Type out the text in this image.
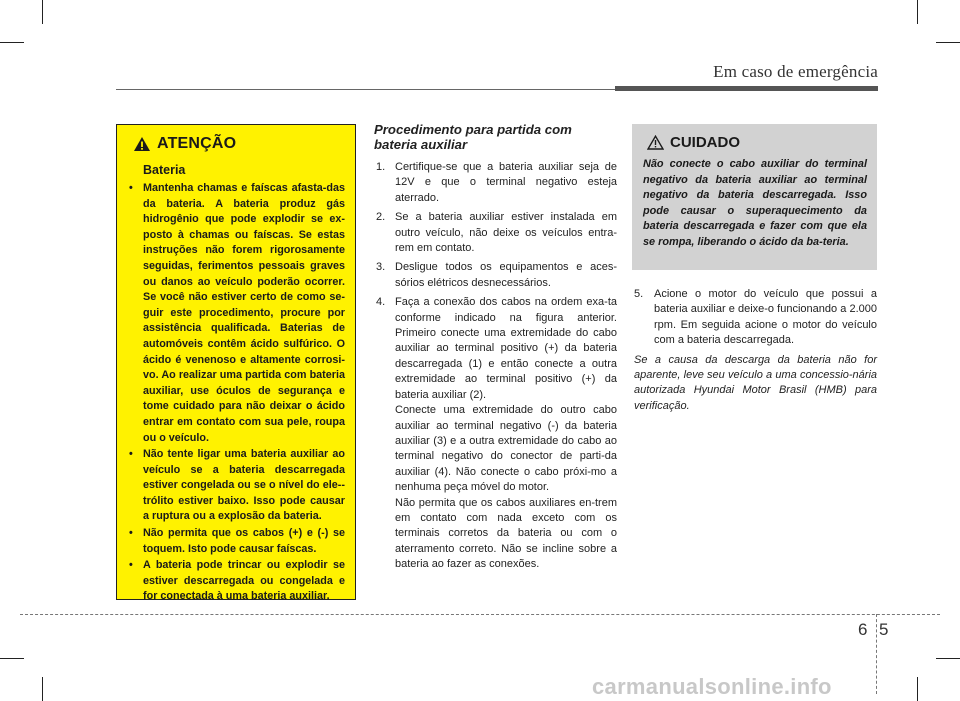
Em caso de emergência
ATENÇÃO
Bateria
• Mantenha chamas e faíscas afasta-das da bateria. A bateria produz gás hidrogênio que pode explodir se ex-posto à chamas ou faíscas. Se estas instruções não forem rigorosamente seguidas, ferimentos pessoais graves ou danos ao veículo poderão ocorrer. Se você não estiver certo de como se-guir este procedimento, procure por assistência qualificada. Baterias de automóveis contêm ácido sulfúrico. O ácido é venenoso e altamente corrosi-vo. Ao realizar uma partida com bateria auxiliar, use óculos de segurança e tome cuidado para não deixar o ácido entrar em contato com sua pele, roupa ou o veículo.
• Não tente ligar uma bateria auxiliar ao veículo se a bateria descarregada estiver congelada ou se o nível do ele--trólito estiver baixo. Isso pode causar a ruptura ou a explosão da bateria.
• Não permita que os cabos (+) e (-) se toquem. Isto pode causar faíscas.
• A bateria pode trincar ou explodir se estiver descarregada ou congelada e for conectada à uma bateria auxiliar.
Procedimento para partida com bateria auxiliar
1. Certifique-se que a bateria auxiliar seja de 12V e que o terminal negativo esteja aterrado.
2. Se a bateria auxiliar estiver instalada em outro veículo, não deixe os veículos entra-rem em contato.
3. Desligue todos os equipamentos e aces-sórios elétricos desnecessários.
4. Faça a conexão dos cabos na ordem exa-ta conforme indicado na figura anterior. Primeiro conecte uma extremidade do cabo auxiliar ao terminal positivo (+) da bateria descarregada (1) e então conecte a outra extremidade ao terminal positivo (+) da bateria auxiliar (2).
Conecte uma extremidade do outro cabo auxiliar ao terminal negativo (-) da bateria auxiliar (3) e a outra extremidade do cabo ao terminal negativo do conector de parti-da auxiliar (4). Não conecte o cabo próxi-mo a nenhuma peça móvel do motor.
Não permita que os cabos auxiliares en-trem em contato com nada exceto com os terminais corretos da bateria ou com o aterramento correto. Não se incline sobre a bateria ao fazer as conexões.
CUIDADO
Não conecte o cabo auxiliar do terminal negativo da bateria auxiliar ao terminal negativo da bateria descarregada. Isso pode causar o superaquecimento da bateria descarregada e fazer com que ela se rompa, liberando o ácido da ba-teria.
5. Acione o motor do veículo que possui a bateria auxiliar e deixe-o funcionando a 2.000 rpm. Em seguida acione o motor do veículo com a bateria descarregada.
Se a causa da descarga da bateria não for aparente, leve seu veículo a uma concessio-nária autorizada Hyundai Motor Brasil (HMB) para verificação.
6 5
carmanualsonline.info
